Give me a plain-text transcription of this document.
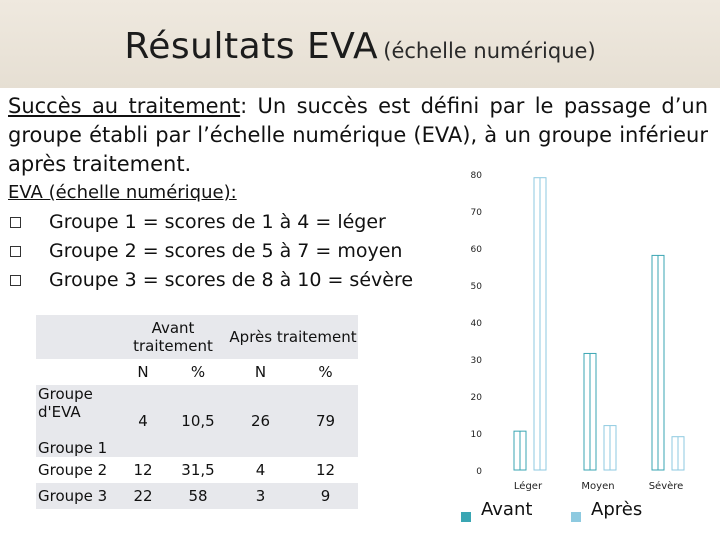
Résultats EVA (échelle numérique)
Succès au traitement: Un succès est défini par le passage d’un groupe établi par l’échelle numérique (EVA), à un groupe inférieur après traitement.
EVA (échelle numérique):
Groupe 1 = scores de 1 à 4 = léger
Groupe 2 = scores de 5 à 7 = moyen
Groupe 3 = scores de 8 à 10 = sévère
	Avant traitement		Après traitement	
	N	%	N	%
Groupe d'EVA

Groupe 1	4	10,5	26	79
Groupe 2	12	31,5	4	12
Groupe 3	22	58	3	9
0
10
20
30
40
50
60
70
80
Léger	Moyen	Sévère
Avant	Après
